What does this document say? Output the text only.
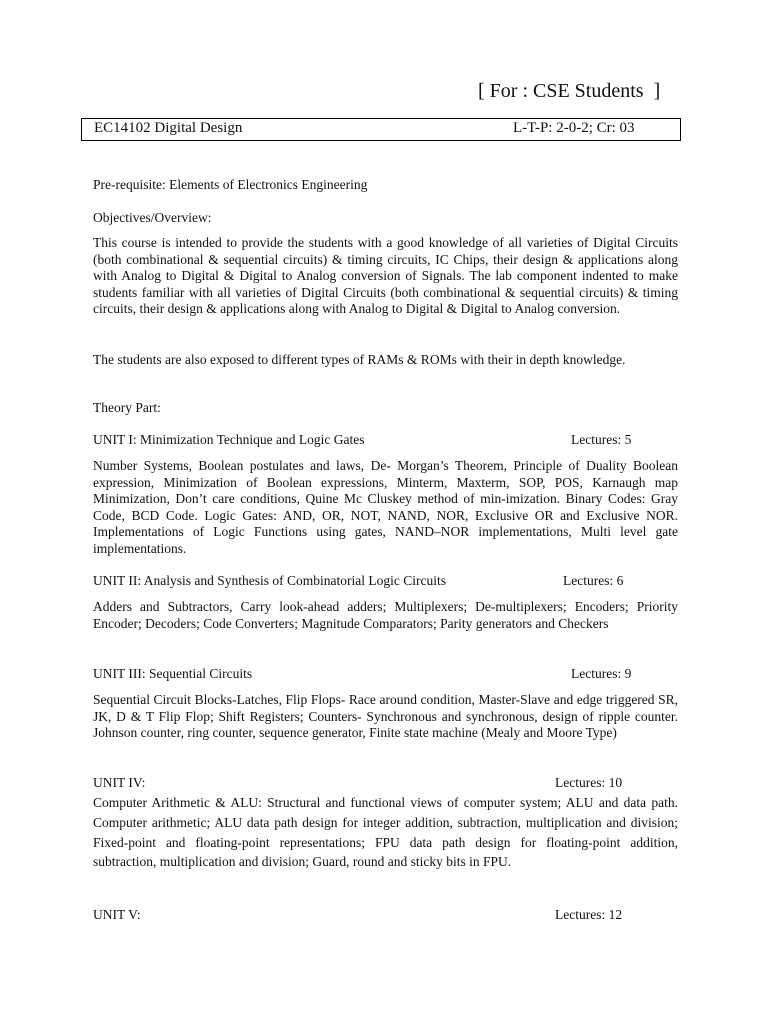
[ For : CSE Students  ]
EC14102 Digital Design	L-T-P: 2-0-2; Cr: 03
Pre-requisite: Elements of Electronics Engineering
Objectives/Overview:

This course is intended to provide the students with a good knowledge of all varieties of Digital Circuits (both combinational & sequential circuits) & timing circuits, IC Chips, their design & applications along with Analog to Digital & Digital to Analog conversion of Signals. The lab component indented to make students familiar with all varieties of Digital Circuits (both combinational & sequential circuits) & timing circuits, their design & applications along with Analog to Digital & Digital to Analog conversion.

The students are also exposed to different types of RAMs & ROMs with their in depth knowledge.

Theory Part:
UNIT I: Minimization Technique and Logic Gates	Lectures: 5

Number Systems, Boolean postulates and laws, De- Morgan’s Theorem, Principle of Duality Boolean expression, Minimization of Boolean expressions, Minterm, Maxterm, SOP, POS, Karnaugh map Minimization, Don’t care conditions, Quine Mc Cluskey method of min-imization. Binary Codes: Gray Code, BCD Code. Logic Gates: AND, OR, NOT, NAND, NOR, Exclusive OR and Exclusive NOR. Implementations of Logic Functions using gates, NAND–NOR implementations, Multi level gate implementations.

UNIT II: Analysis and Synthesis of Combinatorial Logic Circuits	Lectures: 6

Adders and Subtractors, Carry look-ahead adders; Multiplexers; De-multiplexers; Encoders; Priority Encoder; Decoders; Code Converters; Magnitude Comparators; Parity generators and Checkers

UNIT III: Sequential Circuits	Lectures: 9

Sequential Circuit Blocks-Latches, Flip Flops- Race around condition, Master-Slave and edge triggered SR, JK, D & T Flip Flop; Shift Registers; Counters- Synchronous and synchronous, design of ripple counter. Johnson counter, ring counter, sequence generator, Finite state machine (Mealy and Moore Type)

UNIT IV:	Lectures: 10

Computer Arithmetic & ALU: Structural and functional views of computer system; ALU and data path. Computer arithmetic; ALU data path design for integer addition, subtraction, multiplication and division; Fixed-point and floating-point representations; FPU data path design for floating-point addition, subtraction, multiplication and division; Guard, round and sticky bits in FPU.

UNIT V:	Lectures: 12
